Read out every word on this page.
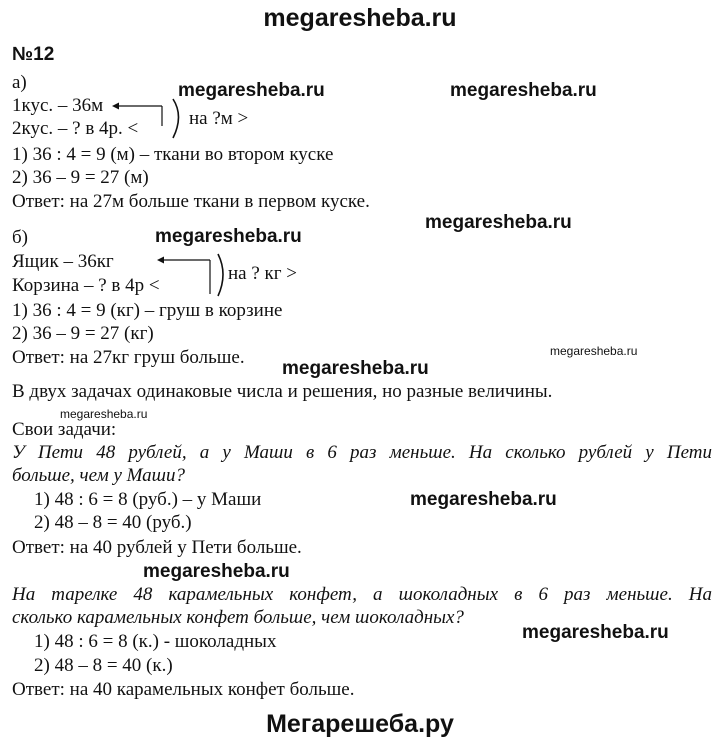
megaresheba.ru
Мегарешеба.ру
megaresheba.ru	megaresheba.ru
megaresheba.ru
megaresheba.ru
megaresheba.ru
megaresheba.ru
megaresheba.ru
megaresheba.ru
megaresheba.ru
megaresheba.ru
№12
а)
1кус. – 36м
2кус. – ? в 4р. <	на ?м >
1) 36 : 4 = 9 (м) – ткани во втором куске
2) 36 – 9 = 27 (м)
Ответ: на 27м больше ткани в первом куске.
б)
Ящик – 36кг
Корзина – ? в 4р <
на ? кг >
1) 36 : 4 = 9 (кг) – груш в корзине
2) 36 – 9 = 27 (кг)
Ответ: на 27кг груш больше.
В двух задачах одинаковые числа и решения, но разные величины.
Свои задачи:
У Пети 48 рублей, а у Маши в 6 раз меньше. На сколько рублей у Пети
больше, чем у Маши?
1) 48 : 6 = 8 (руб.) – у Маши
2) 48 – 8 = 40 (руб.)
Ответ: на 40 рублей у Пети больше.
На тарелке 48 карамельных конфет, а шоколадных в 6 раз меньше. На
сколько карамельных конфет больше, чем шоколадных?
1) 48 : 6 = 8 (к.) - шоколадных
2) 48 – 8 = 40 (к.)
Ответ: на 40 карамельных конфет больше.
